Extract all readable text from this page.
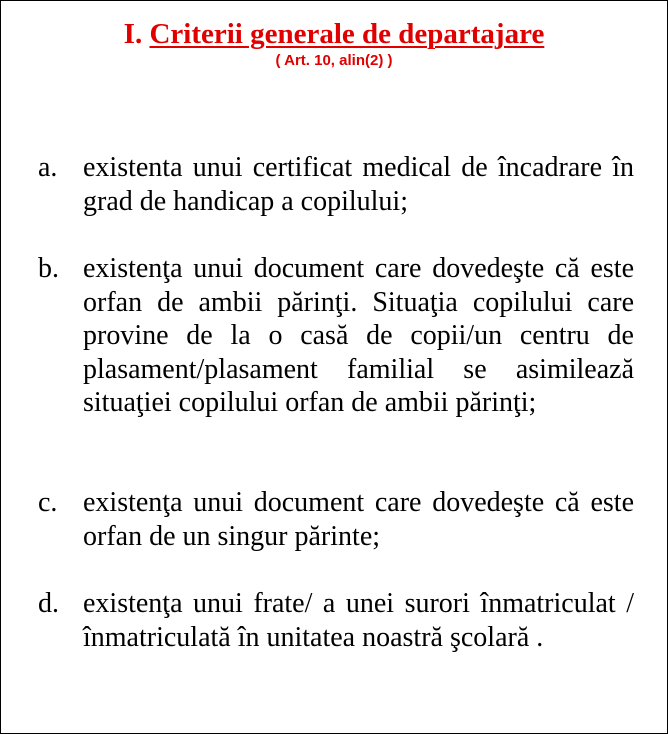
I. Criterii generale de departajare
( Art. 10, alin(2) )
a. existenta unui certificat medical de încadrare în grad de handicap a copilului;
b. existenţa unui document care dovedeşte că este orfan de ambii părinţi. Situaţia copilului care provine de la o casă de copii/un centru de plasament/plasament familial se asimilează situaţiei copilului orfan de ambii părinţi;
c. existenţa unui document care dovedeşte că este orfan de un singur părinte;
d. existenţa unui frate/ a unei surori înmatriculat / înmatriculată în unitatea noastră şcolară .
